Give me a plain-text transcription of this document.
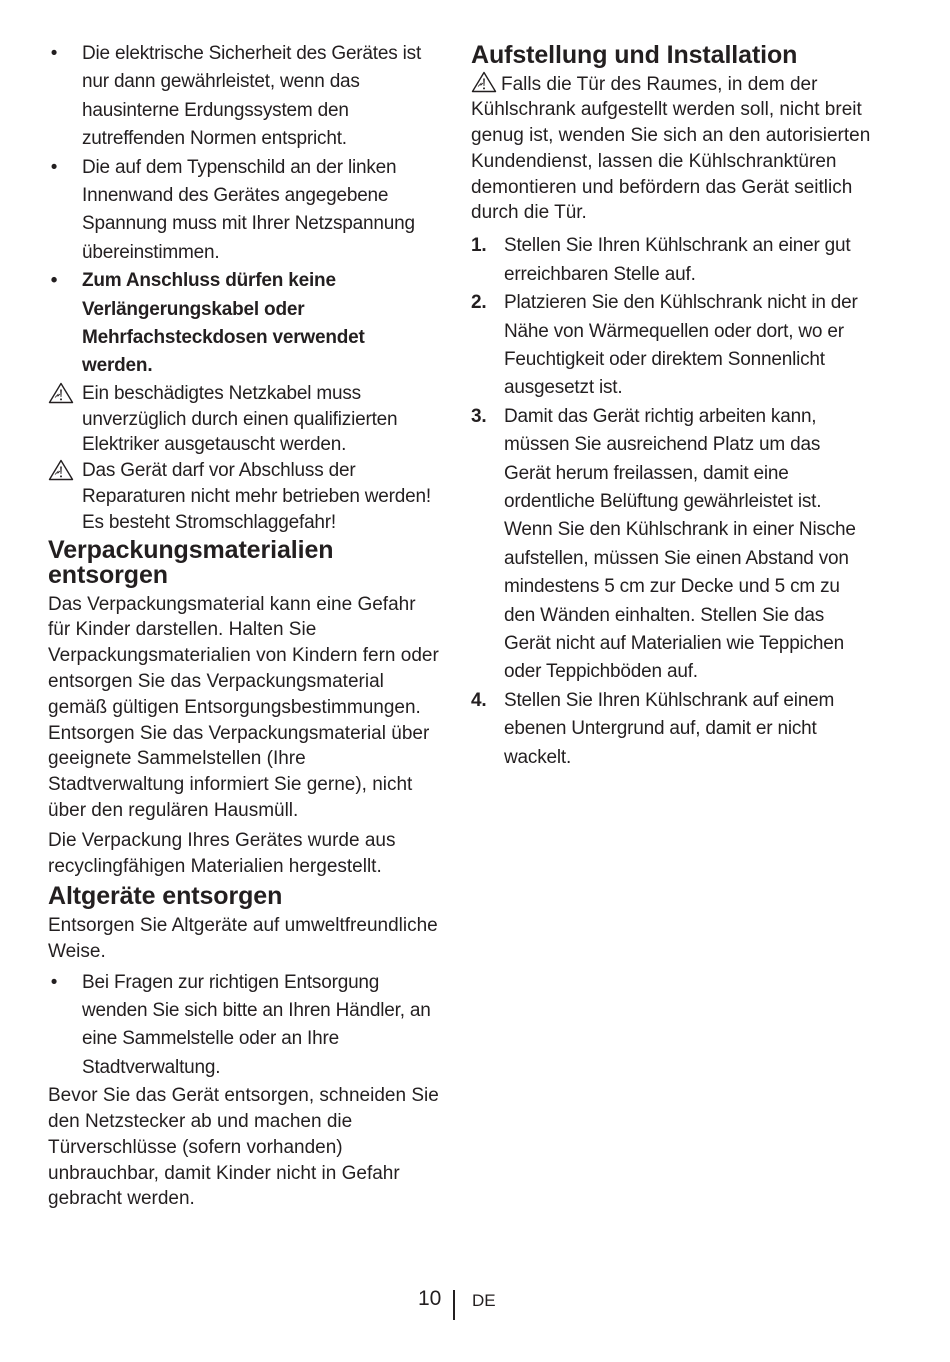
• Die elektrische Sicherheit des Gerätes ist nur dann gewährleistet, wenn das hausinterne Erdungssystem den zutreffenden Normen entspricht.
• Die auf dem Typenschild an der linken Innenwand des Gerätes angegebene Spannung muss mit Ihrer Netzspannung übereinstimmen.
• Zum Anschluss dürfen keine Verlängerungskabel oder Mehrfachsteckdosen verwendet werden.
Ein beschädigtes Netzkabel muss unverzüglich durch einen qualifizierten Elektriker ausgetauscht werden.
Das Gerät darf vor Abschluss der Reparaturen nicht mehr betrieben werden! Es besteht Stromschlaggefahr!
Verpackungsmaterialien entsorgen

Das Verpackungsmaterial kann eine Gefahr für Kinder darstellen. Halten Sie Verpackungsmaterialien von Kindern fern oder entsorgen Sie das Verpackungsmaterial gemäß gültigen Entsorgungsbestimmungen. Entsorgen Sie das Verpackungsmaterial über geeignete Sammelstellen (Ihre Stadtverwaltung informiert Sie gerne), nicht über den regulären Hausmüll.

Die Verpackung Ihres Gerätes wurde aus recyclingfähigen Materialien hergestellt.

Altgeräte entsorgen

Entsorgen Sie Altgeräte auf umweltfreundliche Weise.

• Bei Fragen zur richtigen Entsorgung wenden Sie sich bitte an Ihren Händler, an eine Sammelstelle oder an Ihre Stadtverwaltung.

Bevor Sie das Gerät entsorgen, schneiden Sie den Netzstecker ab und machen die Türverschlüsse (sofern vorhanden) unbrauchbar, damit Kinder nicht in Gefahr gebracht werden.

Aufstellung und Installation

Falls die Tür des Raumes, in dem der Kühlschrank aufgestellt werden soll, nicht breit genug ist, wenden Sie sich an den autorisierten Kundendienst, lassen die Kühlschranktüren demontieren und befördern das Gerät seitlich durch die Tür.

1. Stellen Sie Ihren Kühlschrank an einer gut erreichbaren Stelle auf.
2. Platzieren Sie den Kühlschrank nicht in der Nähe von Wärmequellen oder dort, wo er Feuchtigkeit oder direktem Sonnenlicht ausgesetzt ist.
3. Damit das Gerät richtig arbeiten kann, müssen Sie ausreichend Platz um das Gerät herum freilassen, damit eine ordentliche Belüftung gewährleistet ist. Wenn Sie den Kühlschrank in einer Nische aufstellen, müssen Sie einen Abstand von mindestens 5 cm zur Decke und 5 cm zu den Wänden einhalten. Stellen Sie das Gerät nicht auf Materialien wie Teppichen oder Teppichböden auf.
4. Stellen Sie Ihren Kühlschrank auf einem ebenen Untergrund auf, damit er nicht wackelt.
10 DE
